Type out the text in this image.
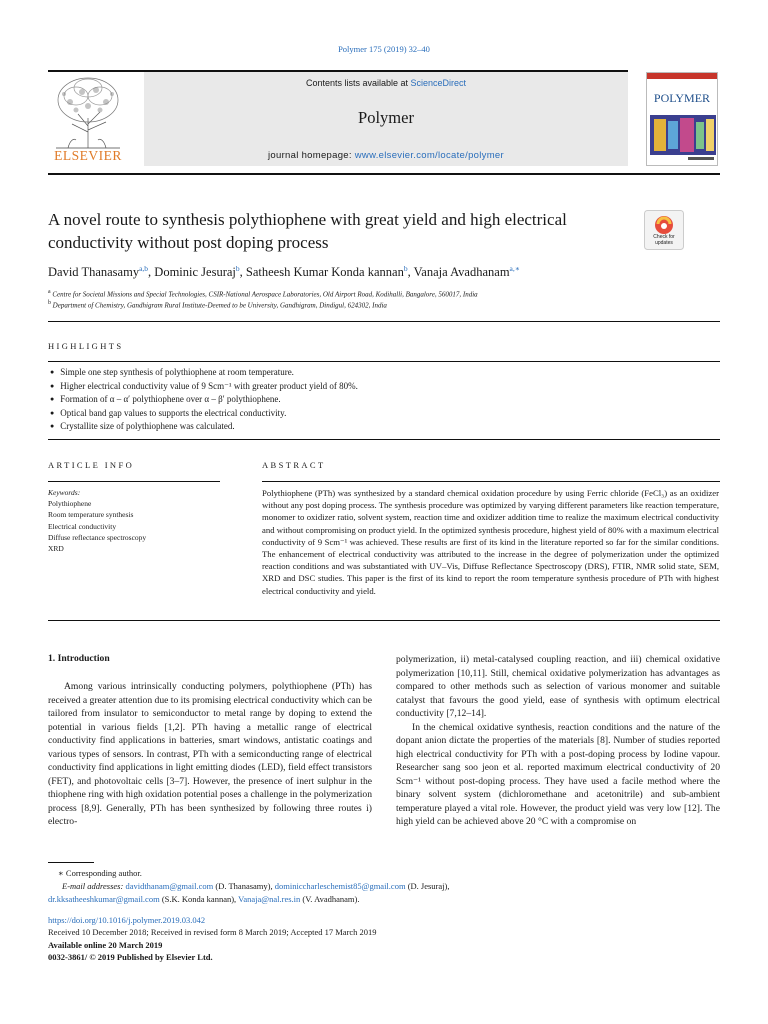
Polymer 175 (2019) 32–40
ELSEVIER
Contents lists available at ScienceDirect
Polymer
journal homepage: www.elsevier.com/locate/polymer
POLYMER
Check for updates
A novel route to synthesis polythiophene with great yield and high electrical conductivity without post doping process
David Thanasamy$^{a,b}$, Dominic Jesuraj$^b$, Satheesh Kumar Konda kannan$^b$, Vanaja Avadhanam$^{a,∗}$
$^a$ Centre for Societal Missions and Special Technologies, CSIR-National Aerospace Laboratories, Old Airport Road, Kodihalli, Bangalore, 560017, India
$^b$ Department of Chemistry, Gandhigram Rural Institute-Deemed to be University, Gandhigram, Dindigul, 624302, India
HIGHLIGHTS
● Simple one step synthesis of polythiophene at room temperature.
● Higher electrical conductivity value of 9 Scm⁻¹ with greater product yield of 80%.
● Formation of α – α′ polythiophene over α – β′ polythiophene.
● Optical band gap values to supports the electrical conductivity.
● Crystallite size of polythiophene was calculated.
ARTICLE INFO	ABSTRACT
Keywords:
Polythiophene
Room temperature synthesis
Electrical conductivity
Diffuse reflectance spectroscopy
XRD
Polythiophene (PTh) was synthesized by a standard chemical oxidation procedure by using Ferric chloride (FeCl₃) as an oxidizer without any post doping process. The synthesis procedure was optimized by varying different parameters like reaction temperature, monomer to oxidizer ratio, solvent system, reaction time and oxidizer addition time to realize the maximum electrical conductivity and without compromising on product yield. In the optimized synthesis procedure, highest yield of 80% with a maximum electrical conductivity of 9 Scm⁻¹ was achieved. These results are first of its kind in the literature reported so far for the similar conditions. The enhancement of electrical conductivity was attributed to the increase in the degree of polymerization under the optimized reaction conditions and was substantiated with UV–Vis, Diffuse Reflectance Spectroscopy (DRS), FTIR, NMR solid state, SEM, XRD and DSC studies. This paper is the first of its kind to report the room temperature synthesis procedure of PTh with highest electrical conductivity and yield.
1. Introduction

Among various intrinsically conducting polymers, polythiophene (PTh) has received a greater attention due to its promising electrical conductivity which can be tailored from insulator to semiconductor to metal range by doping to extend the potential in various fields [1,2]. PTh having a metallic range of electrical conductivity find applications in batteries, smart windows, antistatic coatings and various types of sensors. In contrast, PTh with a semiconducting range of electrical conductivity find applications in light emitting diodes (LED), field effect transistors (FET), and photovoltaic cells [3–7]. However, the presence of inert sulphur in the thiophene ring with high oxidation potential poses a challenge in the polymerization process [8,9]. Generally, PTh has been synthesized by following three routes i) electro-

polymerization, ii) metal-catalysed coupling reaction, and iii) chemical oxidative polymerization [10,11]. Still, chemical oxidative polymerization has advantages as compared to other methods such as selection of various monomer and suitable catalyst that favours the good yield, ease of synthesis with optimum electrical conductivity [7,12–14].

In the chemical oxidative synthesis, reaction conditions and the nature of the dopant anion dictate the properties of the materials [8]. Number of studies reported high electrical conductivity for PTh with a post-doping process by Iodine vapour. Researcher sang soo jeon et al. reported maximum electrical conductivity of 20 Scm⁻¹ without post-doping process. They have used a facile method where the binary solvent system (dichloromethane and acetonitrile) and sub-ambient temperature played a vital role. However, the product yield was very low [12]. The high yield can be achieved above 20 °C with a compromise on

∗ Corresponding author.
E-mail addresses: davidthanam@gmail.com (D. Thanasamy), dominiccharleschemist85@gmail.com (D. Jesuraj),
dr.kksatheeshkumar@gmail.com (S.K. Konda kannan), Vanaja@nal.res.in (V. Avadhanam).
https://doi.org/10.1016/j.polymer.2019.03.042
Received 10 December 2018; Received in revised form 8 March 2019; Accepted 17 March 2019
Available online 20 March 2019
0032-3861/ © 2019 Published by Elsevier Ltd.
